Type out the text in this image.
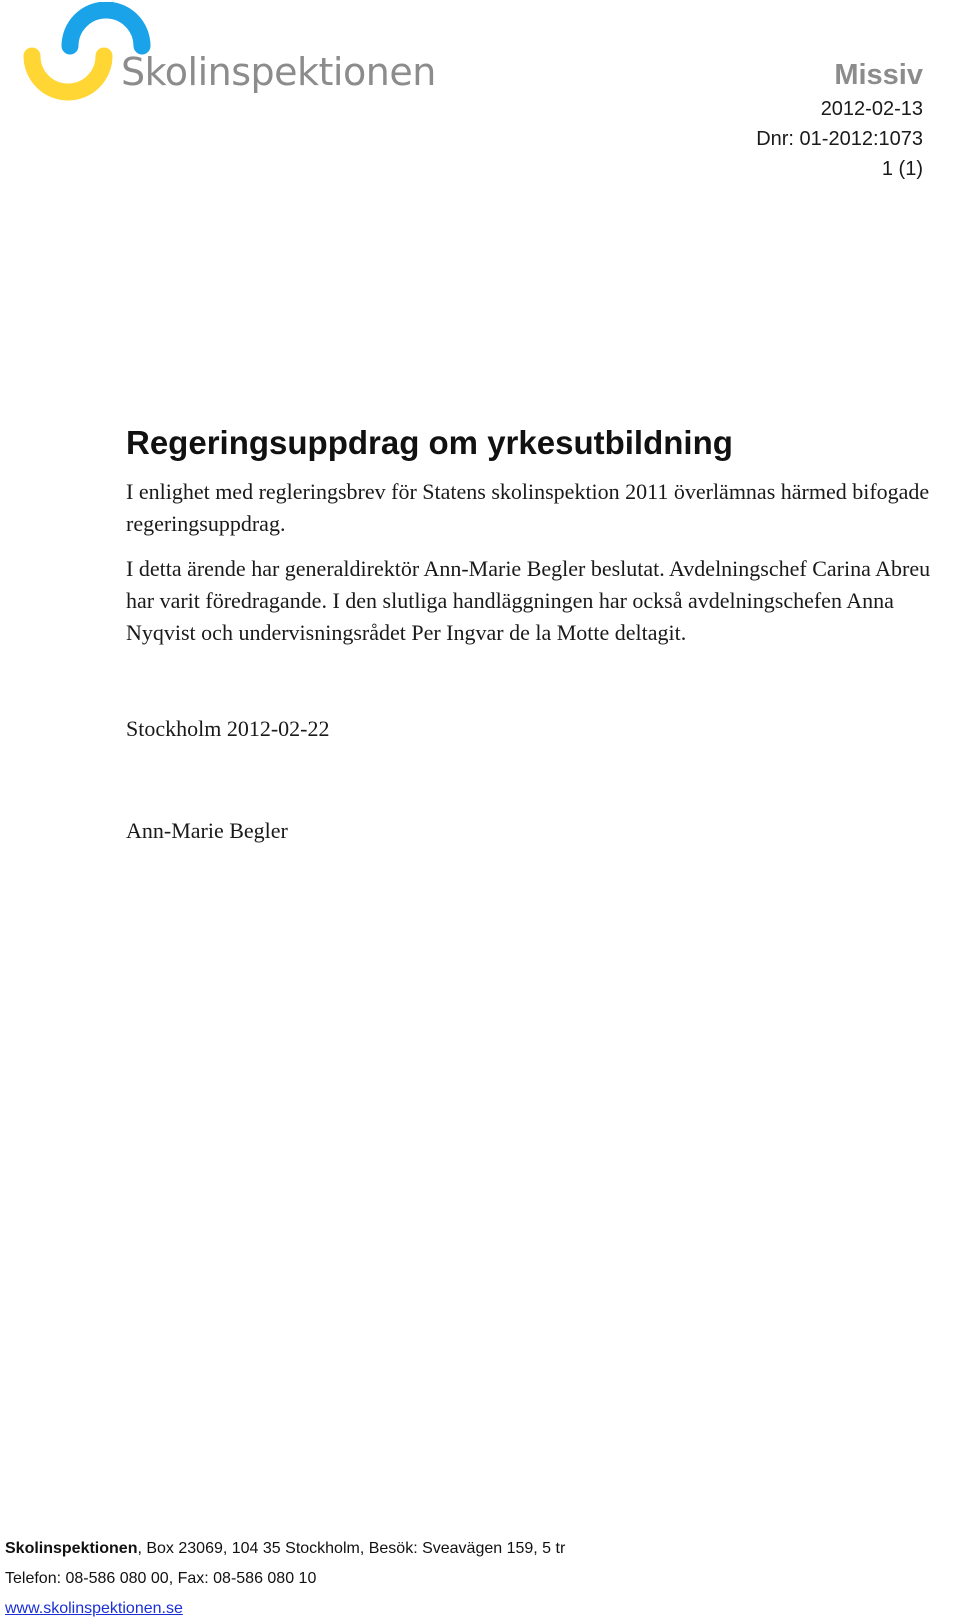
Skolinspektionen	Missiv
2012-02-13
Dnr: 01-2012:1073
1 (1)
Regeringsuppdrag om yrkesutbildning

I enlighet med regleringsbrev för Statens skolinspektion 2011 överlämnas härmed bifogade regeringsuppdrag.

I detta ärende har generaldirektör Ann-Marie Begler beslutat. Avdelningschef Carina Abreu har varit föredragande. I den slutliga handläggningen har också avdelningschefen Anna Nyqvist och undervisningsrådet Per Ingvar de la Motte deltagit.

Stockholm 2012-02-22

Ann-Marie Begler

Skolinspektionen, Box 23069, 104 35 Stockholm, Besök: Sveavägen 159, 5 tr
Telefon: 08-586 080 00, Fax: 08-586 080 10
www.skolinspektionen.se
